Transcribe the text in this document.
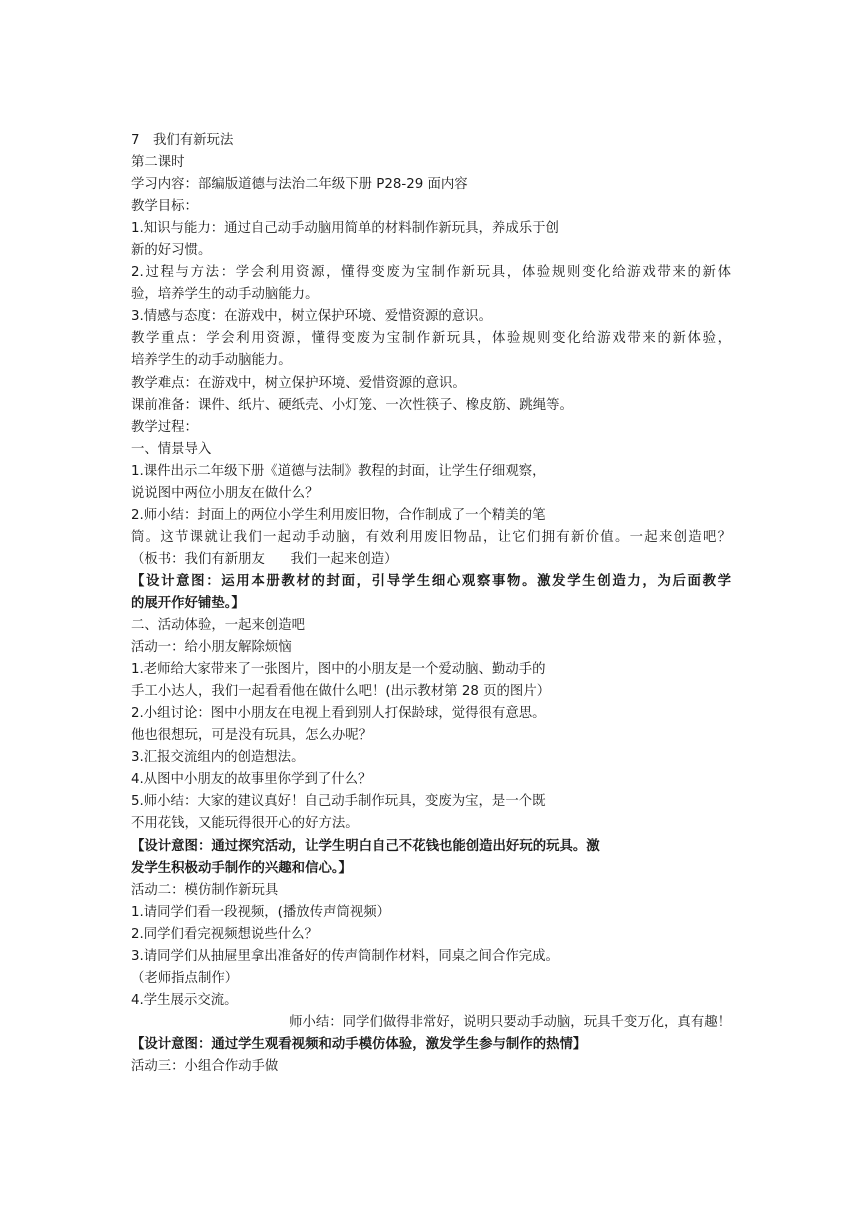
7 我们有新玩法
第二课时
学习内容：部编版道德与法治二年级下册 P28-29 面内容
教学目标：
1.知识与能力：通过自己动手动脑用简单的材料制作新玩具，养成乐于创
新的好习惯。
2.过程与方法：学会利用资源，懂得变废为宝制作新玩具，体验规则变化给游戏带来的新体
验，培养学生的动手动脑能力。
3.情感与态度：在游戏中，树立保护环境、爱惜资源的意识。
教学重点：学会利用资源，懂得变废为宝制作新玩具，体验规则变化给游戏带来的新体验，
培养学生的动手动脑能力。
教学难点：在游戏中，树立保护环境、爱惜资源的意识。
课前准备：课件、纸片、硬纸壳、小灯笼、一次性筷子、橡皮筋、跳绳等。
教学过程：
一、情景导入
1.课件出示二年级下册《道德与法制》教程的封面，让学生仔细观察，
说说图中两位小朋友在做什么？
2.师小结：封面上的两位小学生利用废旧物，合作制成了一个精美的笔
筒。这节课就让我们一起动手动脑，有效利用废旧物品，让它们拥有新价值。一起来创造吧？
（板书：我们有新朋友      我们一起来创造）
【设计意图：运用本册教材的封面，引导学生细心观察事物。激发学生创造力，为后面教学
的展开作好铺垫。】
二、活动体验，一起来创造吧
活动一：给小朋友解除烦恼
1.老师给大家带来了一张图片，图中的小朋友是一个爱动脑、勤动手的
手工小达人，我们一起看看他在做什么吧！(出示教材第 28 页的图片）
2.小组讨论：图中小朋友在电视上看到别人打保龄球，觉得很有意思。
他也很想玩，可是没有玩具，怎么办呢？
3.汇报交流组内的创造想法。
4.从图中小朋友的故事里你学到了什么？
5.师小结：大家的建议真好！自己动手制作玩具，变废为宝，是一个既
不用花钱，又能玩得很开心的好方法。
【设计意图：通过探究活动，让学生明白自己不花钱也能创造出好玩的玩具。激
发学生积极动手制作的兴趣和信心。】
活动二：模仿制作新玩具
1.请同学们看一段视频，(播放传声筒视频）
2.同学们看完视频想说些什么？
3.请同学们从抽屉里拿出准备好的传声筒制作材料，同桌之间合作完成。
（老师指点制作）
4.学生展示交流。
师小结：同学们做得非常好，说明只要动手动脑，玩具千变万化，真有趣！
【设计意图：通过学生观看视频和动手模仿体验，激发学生参与制作的热情】
活动三：小组合作动手做
